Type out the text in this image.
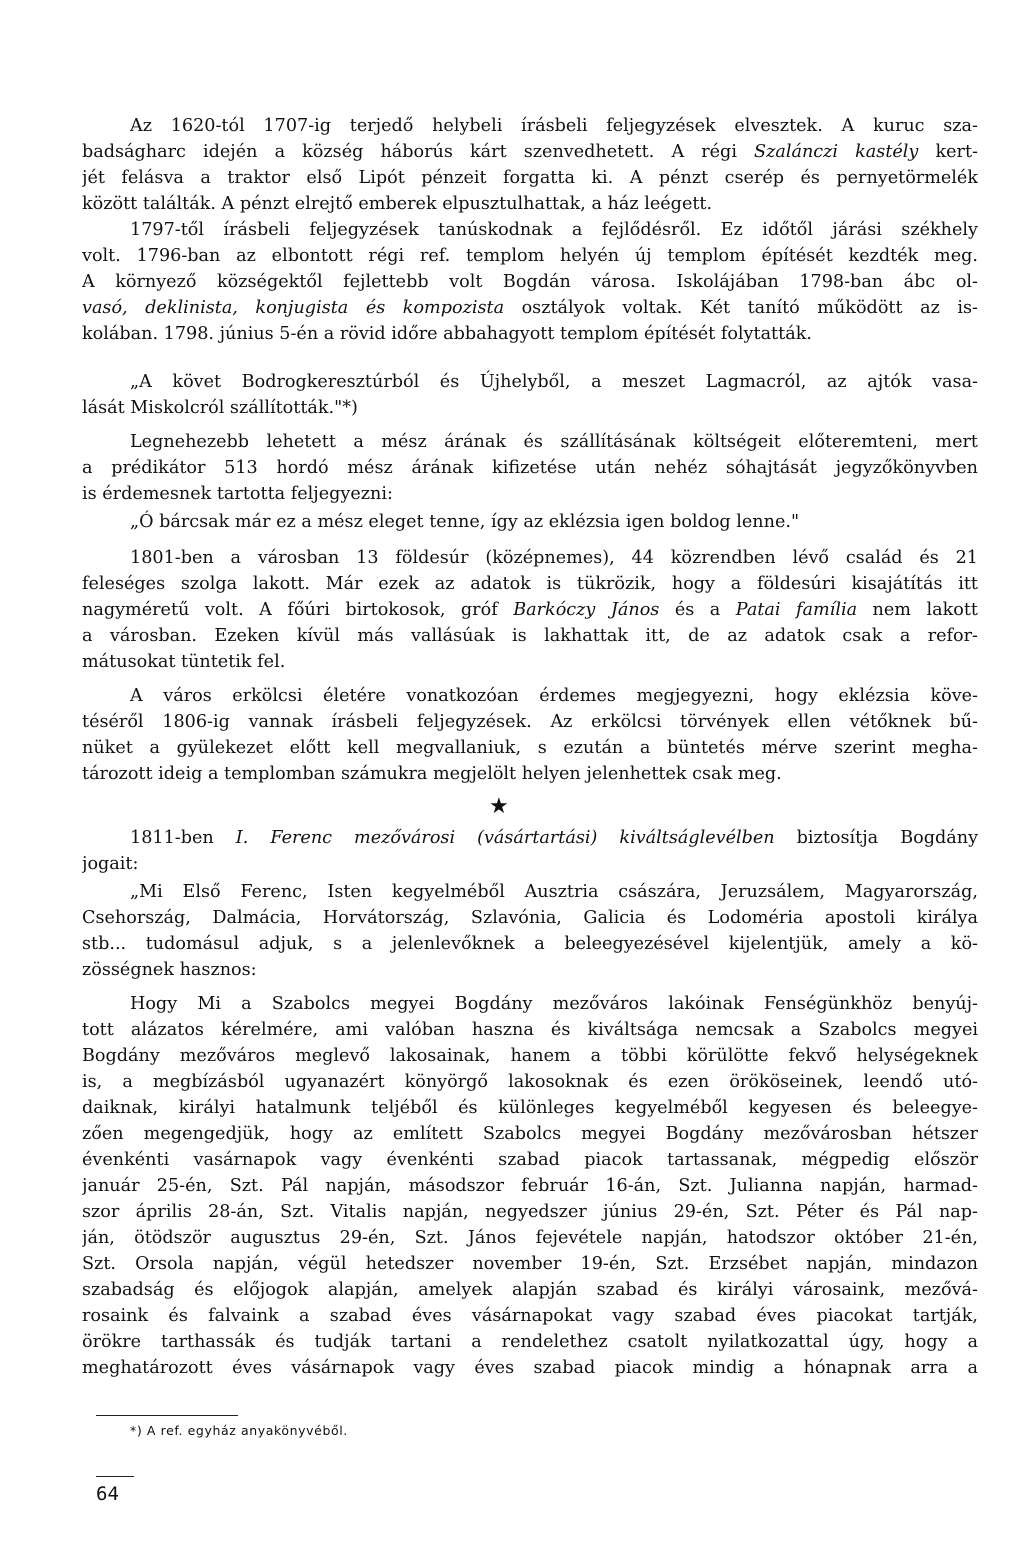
Az 1620-tól 1707-ig terjedő helybeli írásbeli feljegyzések elvesztek. A kuruc sza-

badságharc idején a község háborús kárt szenvedhetett. A régi Szalánczi kastély kert-

jét felásva a traktor első Lipót pénzeit forgatta ki. A pénzt cserép és pernyetörmelék

között találták. A pénzt elrejtő emberek elpusztulhattak, a ház leégett.

1797-től írásbeli feljegyzések tanúskodnak a fejlődésről. Ez időtől járási székhely

volt. 1796-ban az elbontott régi ref. templom helyén új templom építését kezdték meg.

A környező községektől fejlettebb volt Bogdán városa. Iskolájában 1798-ban ábc ol-

vasó, deklinista, konjugista és kompozista osztályok voltak. Két tanító működött az is-

kolában. 1798. június 5-én a rövid időre abbahagyott templom építését folytatták.

„A követ Bodrogkeresztúrból és Újhelyből, a meszet Lagmacról, az ajtók vasa-

lását Miskolcról szállították."*)

Legnehezebb lehetett a mész árának és szállításának költségeit előteremteni, mert

a prédikátor 513 hordó mész árának kifizetése után nehéz sóhajtását jegyzőkönyvben

is érdemesnek tartotta feljegyezni:

„Ó bárcsak már ez a mész eleget tenne, így az eklézsia igen boldog lenne."

1801-ben a városban 13 földesúr (középnemes), 44 közrendben lévő család és 21

feleséges szolga lakott. Már ezek az adatok is tükrözik, hogy a földesúri kisajátítás itt

nagyméretű volt. A főúri birtokosok, gróf Barkóczy János és a Patai família nem lakott

a városban. Ezeken kívül más vallásúak is lakhattak itt, de az adatok csak a refor-

mátusokat tüntetik fel.

A város erkölcsi életére vonatkozóan érdemes megjegyezni, hogy eklézsia köve-

téséről 1806-ig vannak írásbeli feljegyzések. Az erkölcsi törvények ellen vétőknek bű-

nüket a gyülekezet előtt kell megvallaniuk, s ezután a büntetés mérve szerint megha-

tározott ideig a templomban számukra megjelölt helyen jelenhettek csak meg.

★

1811-ben I. Ferenc mezővárosi (vásártartási) kiváltságlevélben biztosítja Bogdány

jogait:

„Mi Első Ferenc, Isten kegyelméből Ausztria császára, Jeruzsálem, Magyarország,

Csehország, Dalmácia, Horvátország, Szlavónia, Galicia és Lodoméria apostoli királya

stb... tudomásul adjuk, s a jelenlevőknek a beleegyezésével kijelentjük, amely a kö-

zösségnek hasznos:

Hogy Mi a Szabolcs megyei Bogdány mezőváros lakóinak Fenségünkhöz benyúj-

tott alázatos kérelmére, ami valóban haszna és kiváltsága nemcsak a Szabolcs megyei

Bogdány mezőváros meglevő lakosainak, hanem a többi körülötte fekvő helységeknek

is, a megbízásból ugyanazért könyörgő lakosoknak és ezen örököseinek, leendő utó-

daiknak, királyi hatalmunk teljéből és különleges kegyelméből kegyesen és beleegye-

zően megengedjük, hogy az említett Szabolcs megyei Bogdány mezővárosban hétszer

évenkénti vasárnapok vagy évenkénti szabad piacok tartassanak, mégpedig először

január 25-én, Szt. Pál napján, másodszor február 16-án, Szt. Julianna napján, harmad-

szor április 28-án, Szt. Vitalis napján, negyedszer június 29-én, Szt. Péter és Pál nap-

ján, ötödször augusztus 29-én, Szt. János fejevétele napján, hatodszor október 21-én,

Szt. Orsola napján, végül hetedszer november 19-én, Szt. Erzsébet napján, mindazon

szabadság és előjogok alapján, amelyek alapján szabad és királyi városaink, mezővá-

rosaink és falvaink a szabad éves vásárnapokat vagy szabad éves piacokat tartják,

örökre tarthassák és tudják tartani a rendelethez csatolt nyilatkozattal úgy, hogy a

meghatározott éves vásárnapok vagy éves szabad piacok mindig a hónapnak arra a

*) A ref. egyház anyakönyvéből.
64
